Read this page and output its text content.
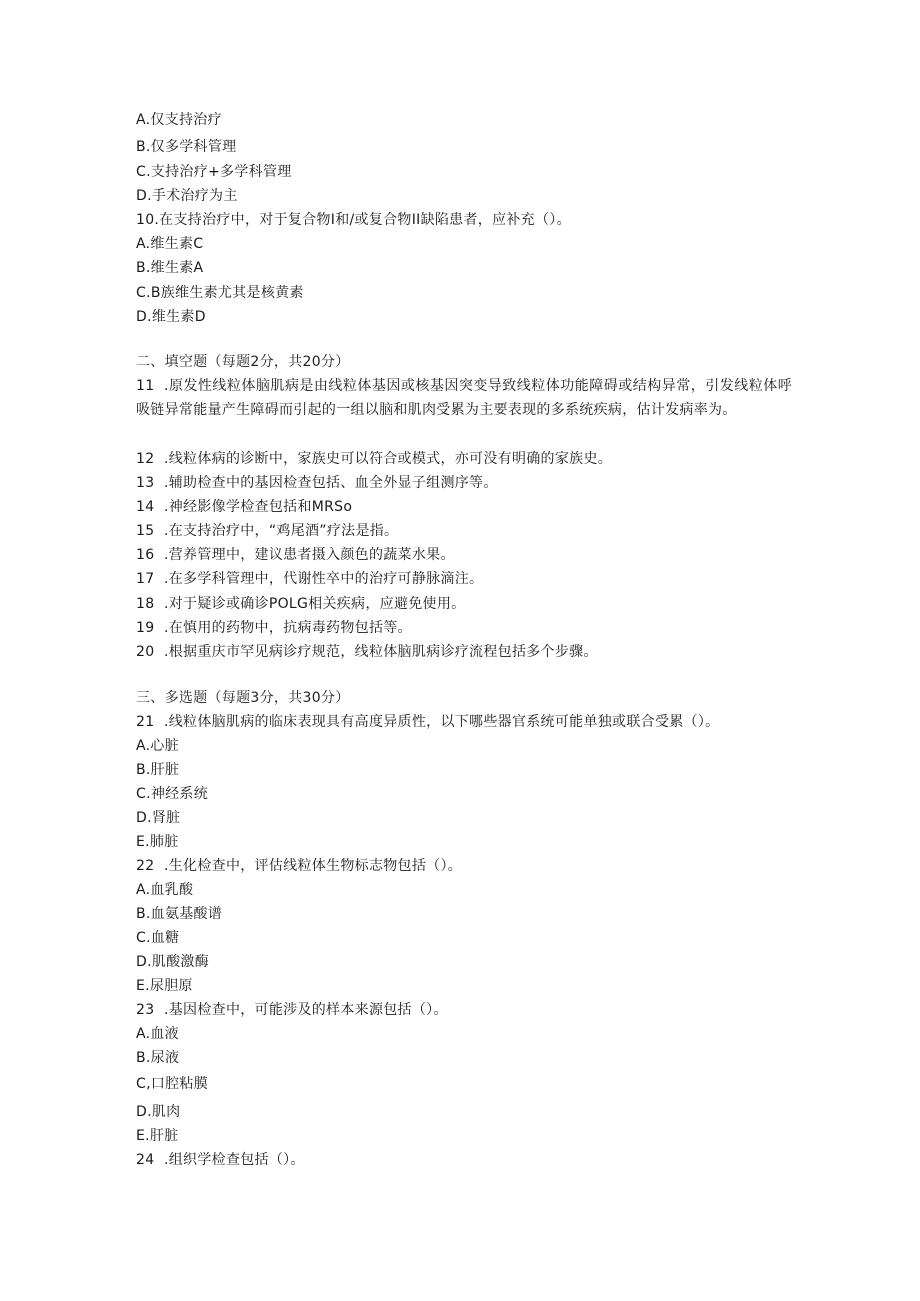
A.仅支持治疗
B.仅多学科管理
C.支持治疗+多学科管理
D.手术治疗为主
10.在支持治疗中，对于复合物I和/或复合物II缺陷患者，应补充（）。
A.维生素C
B.维生素A
C.B族维生素尤其是核黄素
D.维生素D
二、填空题（每题2分，共20分）
11 .原发性线粒体脑肌病是由线粒体基因或核基因突变导致线粒体功能障碍或结构异常，引发线粒体呼吸链异常能量产生障碍而引起的一组以脑和肌肉受累为主要表现的多系统疾病，估计发病率为。
12 .线粒体病的诊断中，家族史可以符合或模式，亦可没有明确的家族史。
13 .辅助检查中的基因检查包括、血全外显子组测序等。
14 .神经影像学检查包括和MRSo
15 .在支持治疗中，“鸡尾酒”疗法是指。
16 .营养管理中，建议患者摄入颜色的蔬菜水果。
17 .在多学科管理中，代谢性卒中的治疗可静脉滴注。
18 .对于疑诊或确诊POLG相关疾病，应避免使用。
19 .在慎用的药物中，抗病毒药物包括等。
20 .根据重庆市罕见病诊疗规范，线粒体脑肌病诊疗流程包括多个步骤。
三、多选题（每题3分，共30分）
21 .线粒体脑肌病的临床表现具有高度异质性，以下哪些器官系统可能单独或联合受累（）。
A.心脏
B.肝脏
C.神经系统
D.肾脏
E.肺脏
22 .生化检查中，评估线粒体生物标志物包括（）。
A.血乳酸
B.血氨基酸谱
C.血糖
D.肌酸激酶
E.尿胆原
23 .基因检查中，可能涉及的样本来源包括（）。
A.血液
B.尿液
C,口腔粘膜
D.肌肉
E.肝脏
24 .组织学检查包括（）。
